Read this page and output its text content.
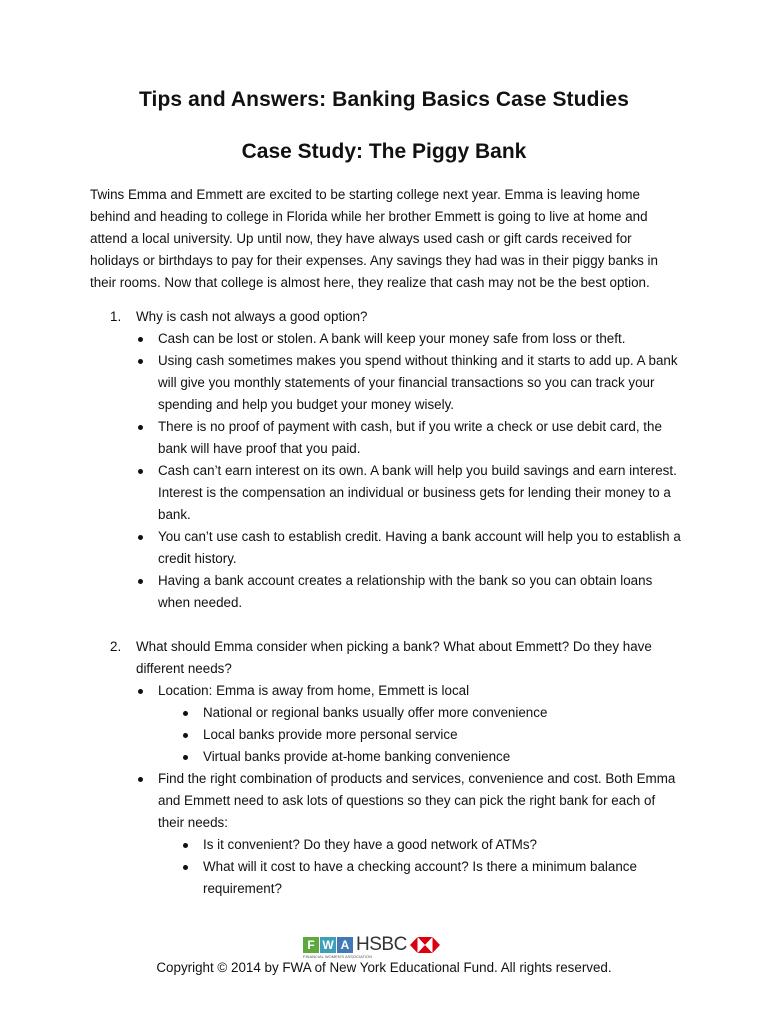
Tips and Answers: Banking Basics Case Studies
Case Study: The Piggy Bank

Twins Emma and Emmett are excited to be starting college next year. Emma is leaving home behind and heading to college in Florida while her brother Emmett is going to live at home and attend a local university. Up until now, they have always used cash or gift cards received for holidays or birthdays to pay for their expenses. Any savings they had was in their piggy banks in their rooms. Now that college is almost here, they realize that cash may not be the best option.

1. Why is cash not always a good option?
Cash can be lost or stolen. A bank will keep your money safe from loss or theft.
Using cash sometimes makes you spend without thinking and it starts to add up. A bank will give you monthly statements of your financial transactions so you can track your spending and help you budget your money wisely.
There is no proof of payment with cash, but if you write a check or use debit card, the bank will have proof that you paid.
Cash can’t earn interest on its own. A bank will help you build savings and earn interest. Interest is the compensation an individual or business gets for lending their money to a bank.
You can’t use cash to establish credit. Having a bank account will help you to establish a credit history.
Having a bank account creates a relationship with the bank so you can obtain loans when needed.
2. What should Emma consider when picking a bank? What about Emmett? Do they have different needs?
Location: Emma is away from home, Emmett is local
National or regional banks usually offer more convenience
Local banks provide more personal service
Virtual banks provide at-home banking convenience
Find the right combination of products and services, convenience and cost. Both Emma and Emmett need to ask lots of questions so they can pick the right bank for each of their needs:
Is it convenient? Do they have a good network of ATMs?
What will it cost to have a checking account? Is there a minimum balance requirement?
F W A
FINANCIAL WOMEN'S ASSOCIATION
HSBC
Copyright © 2014 by FWA of New York Educational Fund. All rights reserved.
